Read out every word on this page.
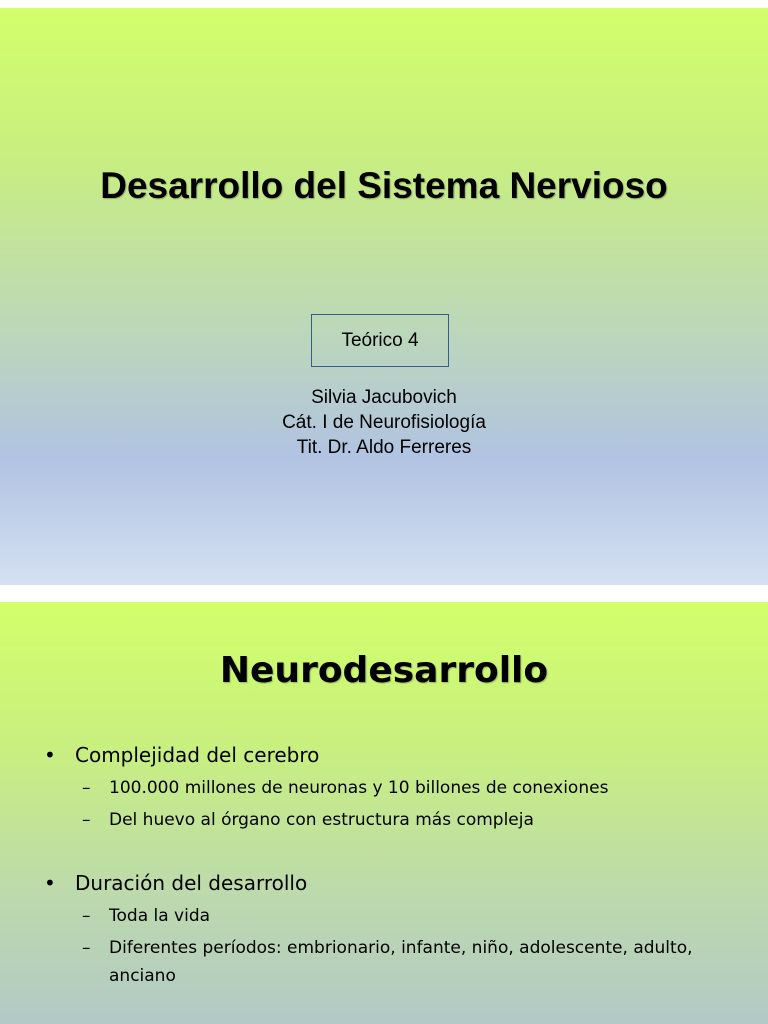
Desarrollo del Sistema Nervioso
Teórico 4
Silvia Jacubovich
Cát. I de Neurofisiología
Tit. Dr. Aldo Ferreres
Neurodesarrollo
• Complejidad del cerebro
– 100.000 millones de neuronas y 10 billones de conexiones
– Del huevo al órgano con estructura más compleja
• Duración del desarrollo
– Toda la vida
– Diferentes períodos: embrionario, infante, niño, adolescente, adulto, anciano
